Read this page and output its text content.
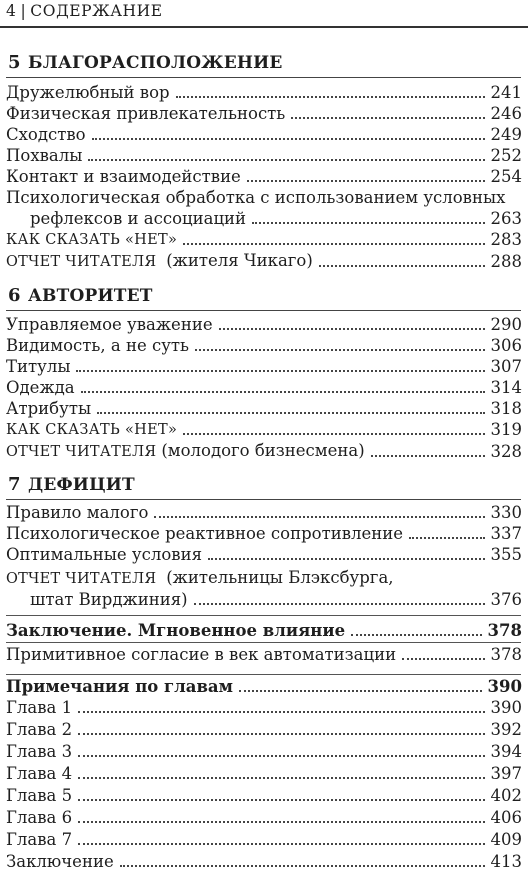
4 | СОДЕРЖАНИЕ
5 БЛАГОРАСПОЛОЖЕНИЕ
Дружелюбный вор	241
Физическая привлекательность	246
Сходство	249
Похвалы	252
Контакт и взаимодействие	254
Психологическая обработка с использованием условных
рефлексов и ассоциаций	263
КАК СКАЗАТЬ «НЕТ»	283
ОТЧЕТ ЧИТАТЕЛЯ (жителя Чикаго)	288
6 АВТОРИТЕТ
Управляемое уважение	290
Видимость, а не суть	306
Титулы	307
Одежда	314
Атрибуты	318
КАК СКАЗАТЬ «НЕТ»	319
ОТЧЕТ ЧИТАТЕЛЯ (молодого бизнесмена)	328
7 ДЕФИЦИТ
Правило малого	330
Психологическое реактивное сопротивление	337
Оптимальные условия	355
ОТЧЕТ ЧИТАТЕЛЯ (жительницы Блэксбурга,
штат Вирджиния)	376
Заключение. Мгновенное влияние	378
Примитивное согласие в век автоматизации	378
Примечания по главам	390
Глава 1	390
Глава 2	392
Глава 3	394
Глава 4	397
Глава 5	402
Глава 6	406
Глава 7	409
Заключение	413
